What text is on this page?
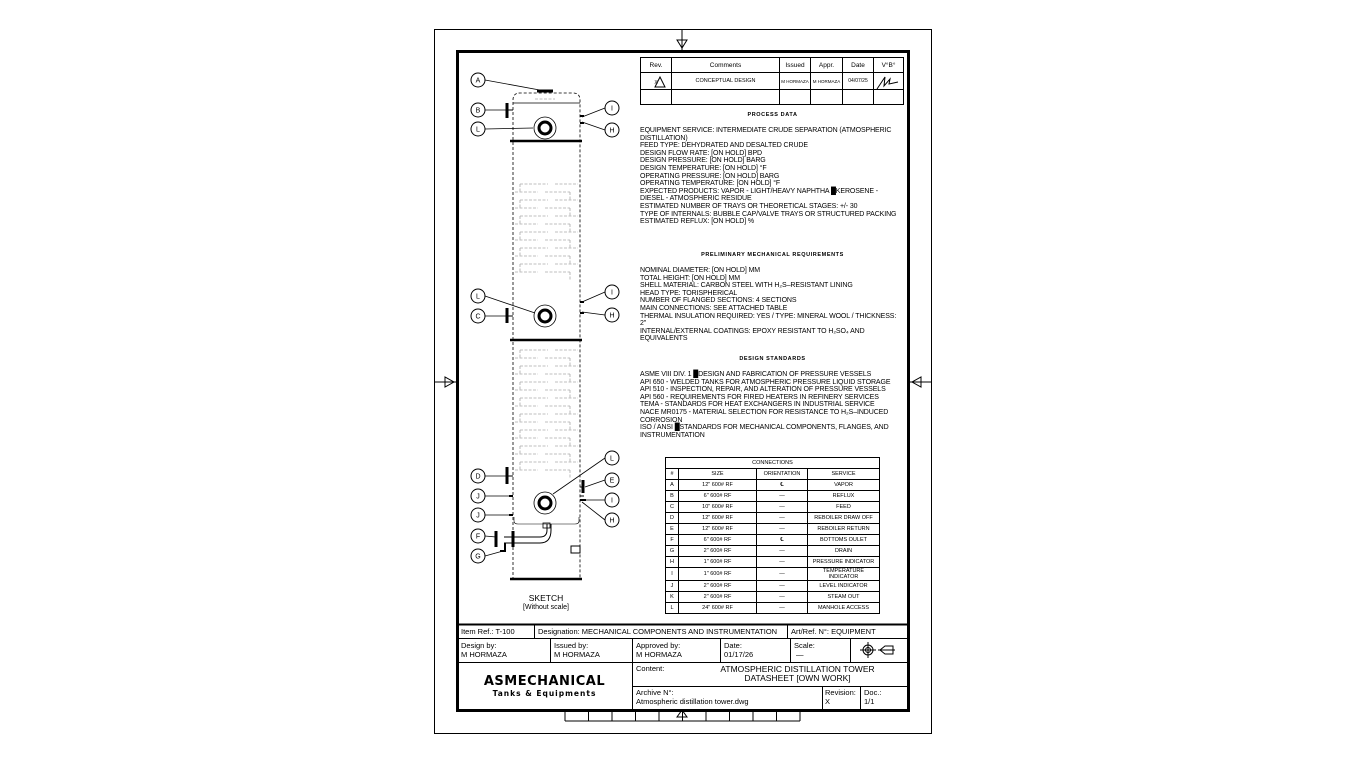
A
B
L
I
H
L
C
I
H
D
J
J
F
G
L
E
I
H
SKETCH
[Without scale]
Rev.	Comments	Issued	Appr.	Date	V°B°
X	CONCEPTUAL DESIGN	M HORMAZA	M HORMAZA	04/07/25	

PROCESS DATA
EQUIPMENT SERVICE: INTERMEDIATE CRUDE SEPARATION (ATMOSPHERIC DISTILLATION)
FEED TYPE: DEHYDRATED AND DESALTED CRUDE
DESIGN FLOW RATE: [ON HOLD] BPD
DESIGN PRESSURE: [ON HOLD] BARG
DESIGN TEMPERATURE: [ON HOLD] °F
OPERATING PRESSURE: [ON HOLD] BARG
OPERATING TEMPERATURE: [ON HOLD] °F
EXPECTED PRODUCTS: VAPOR - LIGHT/HEAVY NAPHTHA █KEROSENE - DIESEL - ATMOSPHERIC RESIDUE
ESTIMATED NUMBER OF TRAYS OR THEORETICAL STAGES: +/- 30
TYPE OF INTERNALS: BUBBLE CAP/VALVE TRAYS OR STRUCTURED PACKING
ESTIMATED REFLUX: [ON HOLD] %
PRELIMINARY MECHANICAL REQUIREMENTS
NOMINAL DIAMETER: [ON HOLD] MM
TOTAL HEIGHT: [ON HOLD] MM
SHELL MATERIAL: CARBON STEEL WITH H₂S–RESISTANT LINING
HEAD TYPE: TORISPHERICAL
NUMBER OF FLANGED SECTIONS: 4 SECTIONS
MAIN CONNECTIONS: SEE ATTACHED TABLE
THERMAL INSULATION REQUIRED: YES / TYPE: MINERAL WOOL / THICKNESS: 2"
INTERNAL/EXTERNAL COATINGS: EPOXY RESISTANT TO H₂SO₄ AND EQUIVALENTS
DESIGN STANDARDS
ASME VIII DIV. 1 █DESIGN AND FABRICATION OF PRESSURE VESSELS
API 650 - WELDED TANKS FOR ATMOSPHERIC PRESSURE LIQUID STORAGE
API 510 - INSPECTION, REPAIR, AND ALTERATION OF PRESSURE VESSELS
API 560 - REQUIREMENTS FOR FIRED HEATERS IN REFINERY SERVICES
TEMA - STANDARDS FOR HEAT EXCHANGERS IN INDUSTRIAL SERVICE
NACE MR0175 - MATERIAL SELECTION FOR RESISTANCE TO H₂S–INDUCED CORROSION
ISO / ANSI █STANDARDS FOR MECHANICAL COMPONENTS, FLANGES, AND INSTRUMENTATION
CONNECTIONS			
#	SIZE	ORIENTATION	SERVICE
A	12" 600# RF	℄	VAPOR
B	6" 600# RF	—	REFLUX
C	10" 600# RF	—	FEED
D	12" 600# RF	—	REBOILER DRAW OFF
E	12" 600# RF	—	REBOILER RETURN
F	6" 600# RF	℄	BOTTOMS OULET
G	2" 600# RF	—	DRAIN
H	1" 600# RF	—	PRESSURE INDICATOR
I	1" 600# RF	—	TEMPERATURE INDICATOR
J	2" 600# RF	—	LEVEL INDICATOR
K	2" 600# RF	—	STEAM OUT
L	24" 600# RF	—	MANHOLE ACCESS
Item Ref.: T-100	Designation: MECHANICAL COMPONENTS AND INSTRUMENTATION Art/Ref. N°: EQUIPMENT
Design by:
M HORMAZA
Issued by:
M HORMAZA
Approved by:
M HORMAZA
Date:
01/17/26
Scale:
—
ASMECHANICAL
Tanks & Equipments
Content:	ATMOSPHERIC DISTILLATION TOWER
DATASHEET [OWN WORK]
Archive N°:
Atmospheric distillation tower.dwg
Revision:
X
Doc.:
1/1
